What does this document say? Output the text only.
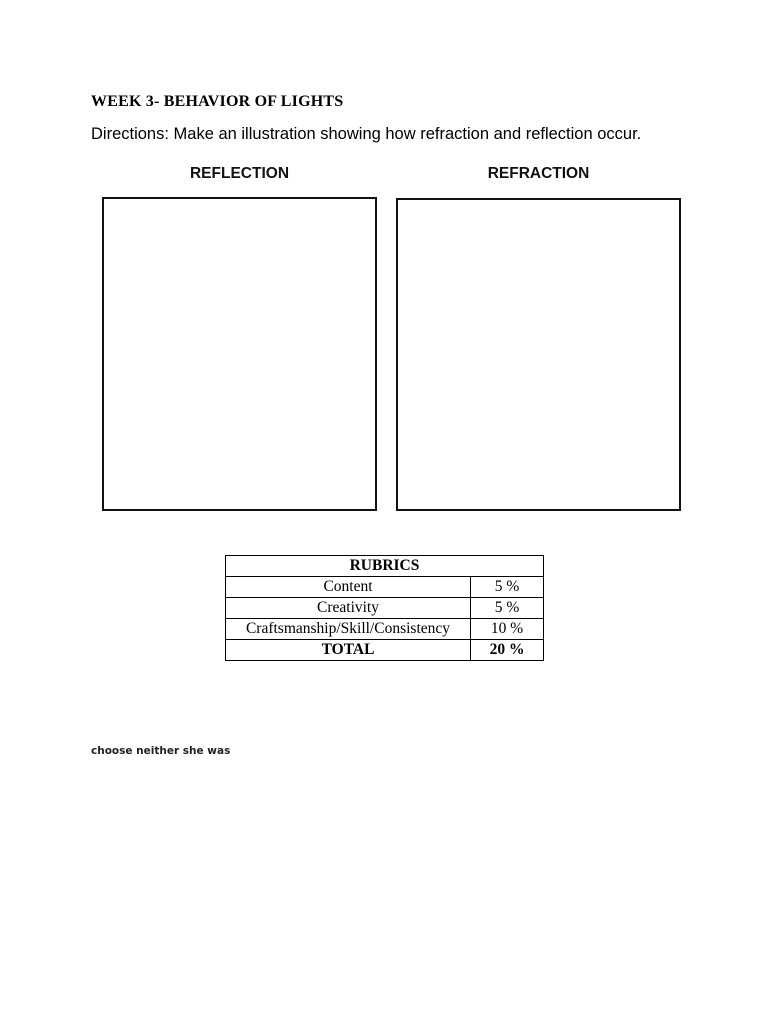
WEEK 3- BEHAVIOR OF LIGHTS
Directions: Make an illustration showing how refraction and reflection occur.
REFLECTION	REFRACTION
RUBRICS	
Content	5 %
Creativity	5 %
Craftsmanship/Skill/Consistency	10 %
TOTAL	20 %
choose neither she was
